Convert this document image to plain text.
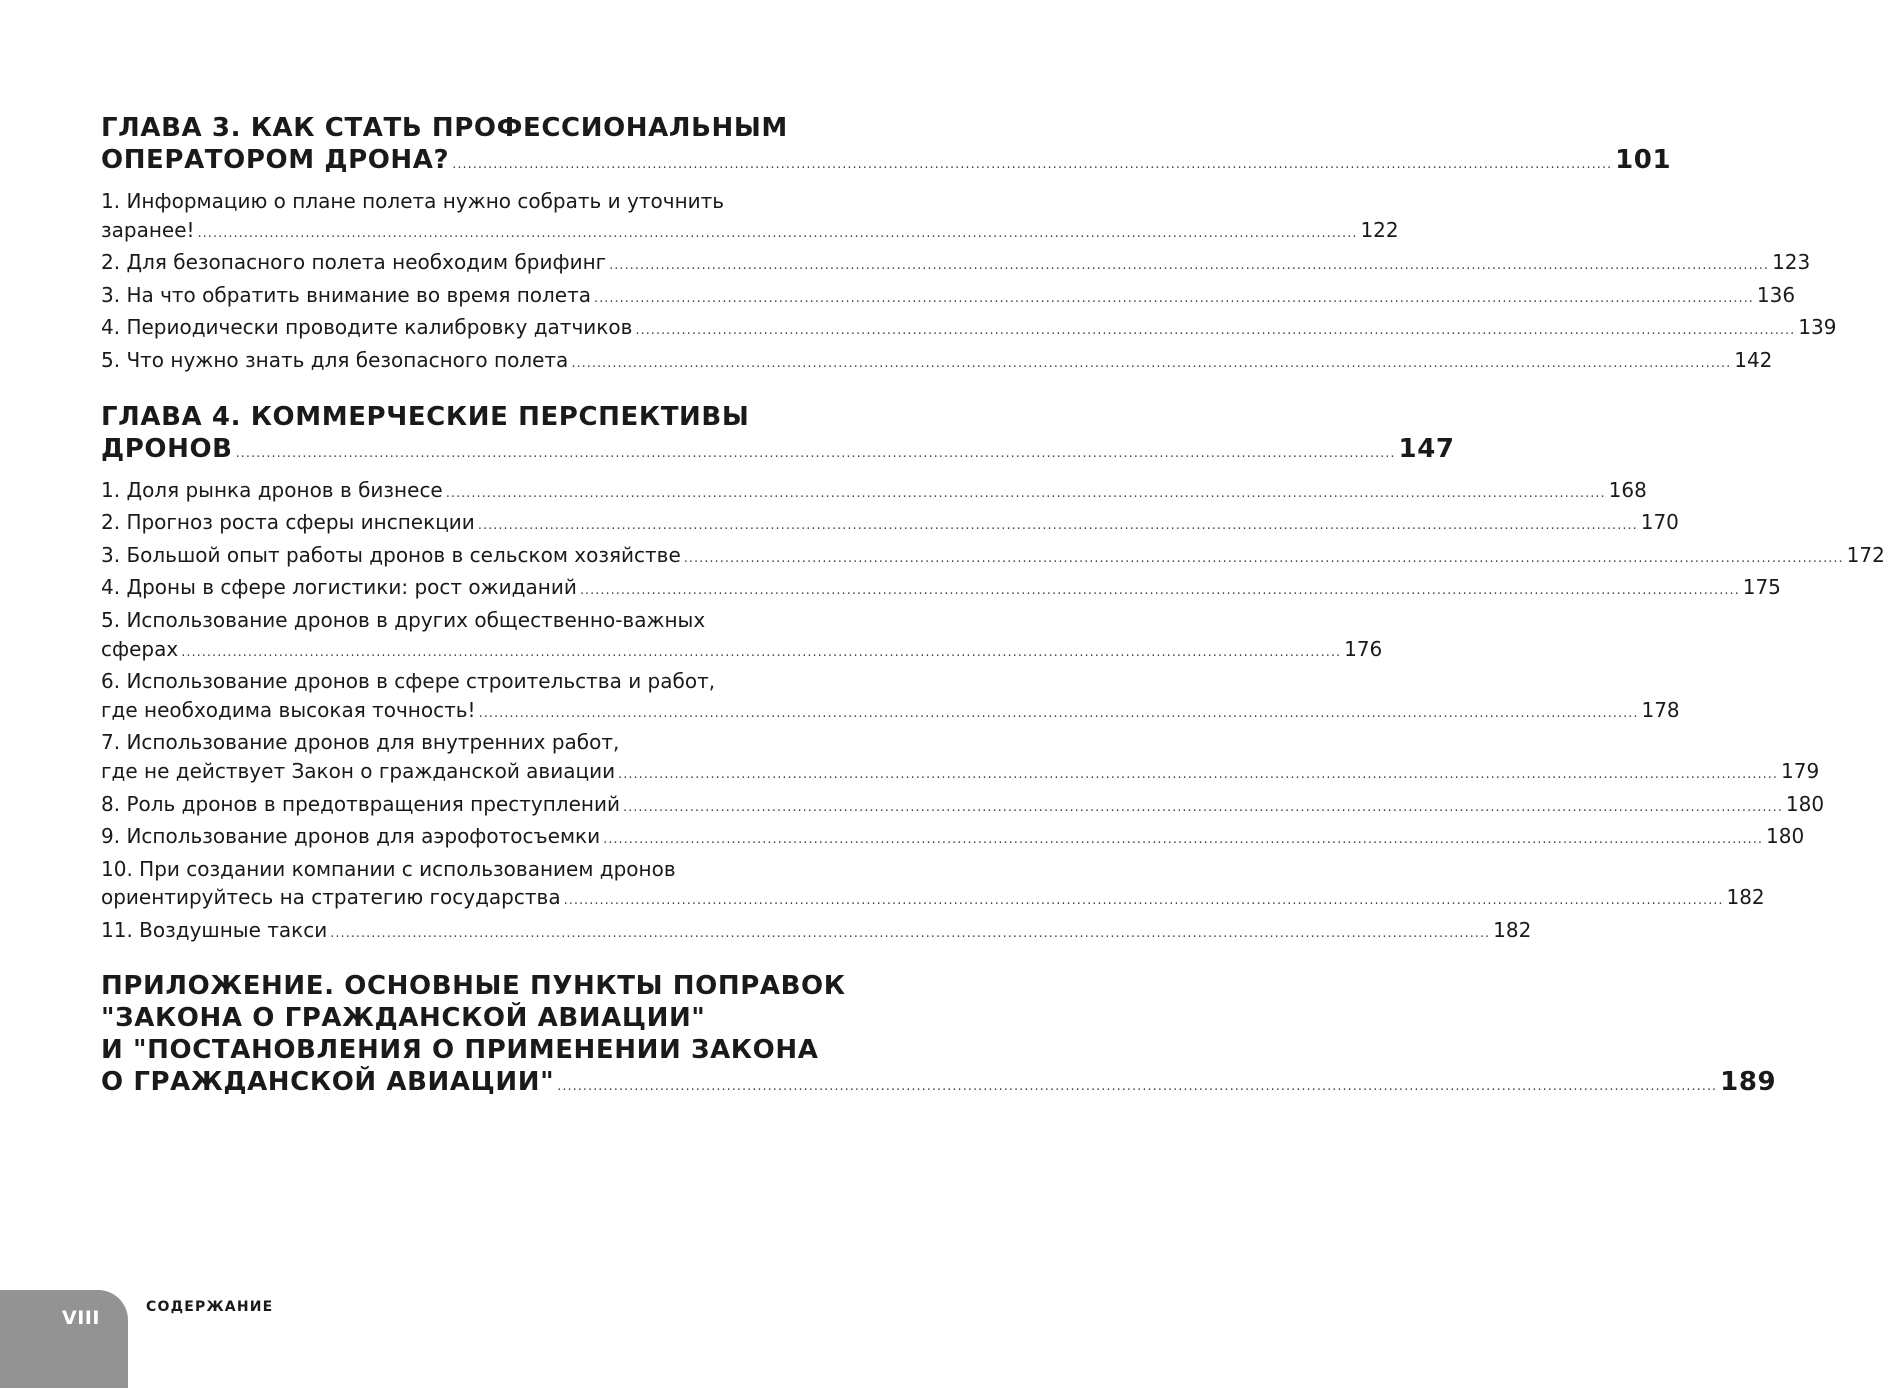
ГЛАВА 3. КАК СТАТЬ ПРОФЕССИОНАЛЬНЫМ
ОПЕРАТОРОМ ДРОНА? .....	101
1. Информацию о плане полета нужно собрать и уточнить
заранее! .....	122
2. Для безопасного полета необходим брифинг .....	123
3. На что обратить внимание во время полета .....	136
4. Периодически проводите калибровку датчиков .....	139
5. Что нужно знать для безопасного полета .....	142
ГЛАВА 4. КОММЕРЧЕСКИЕ ПЕРСПЕКТИВЫ
ДРОНОВ .....	147
1. Доля рынка дронов в бизнесе .....	168
2. Прогноз роста сферы инспекции .....	170
3. Большой опыт работы дронов в сельском хозяйстве .....	172
4. Дроны в сфере логистики: рост ожиданий .....	175
5. Использование дронов в других общественно-важных
сферах .....	176
6. Использование дронов в сфере строительства и работ,
где необходима высокая точность! .....	178
7. Использование дронов для внутренних работ,
где не действует Закон о гражданской авиации .....	179
8. Роль дронов в предотвращения преступлений .....	180
9. Использование дронов для аэрофотосъемки .....	180
10. При создании компании с использованием дронов
ориентируйтесь на стратегию государства .....	182
11. Воздушные такси .....	182
ПРИЛОЖЕНИЕ. ОСНОВНЫЕ ПУНКТЫ ПОПРАВОК
"ЗАКОНА О ГРАЖДАНСКОЙ АВИАЦИИ"
И "ПОСТАНОВЛЕНИЯ О ПРИМЕНЕНИИ ЗАКОНА
О ГРАЖДАНСКОЙ АВИАЦИИ" .....	189
VIII	СОДЕРЖАНИЕ
